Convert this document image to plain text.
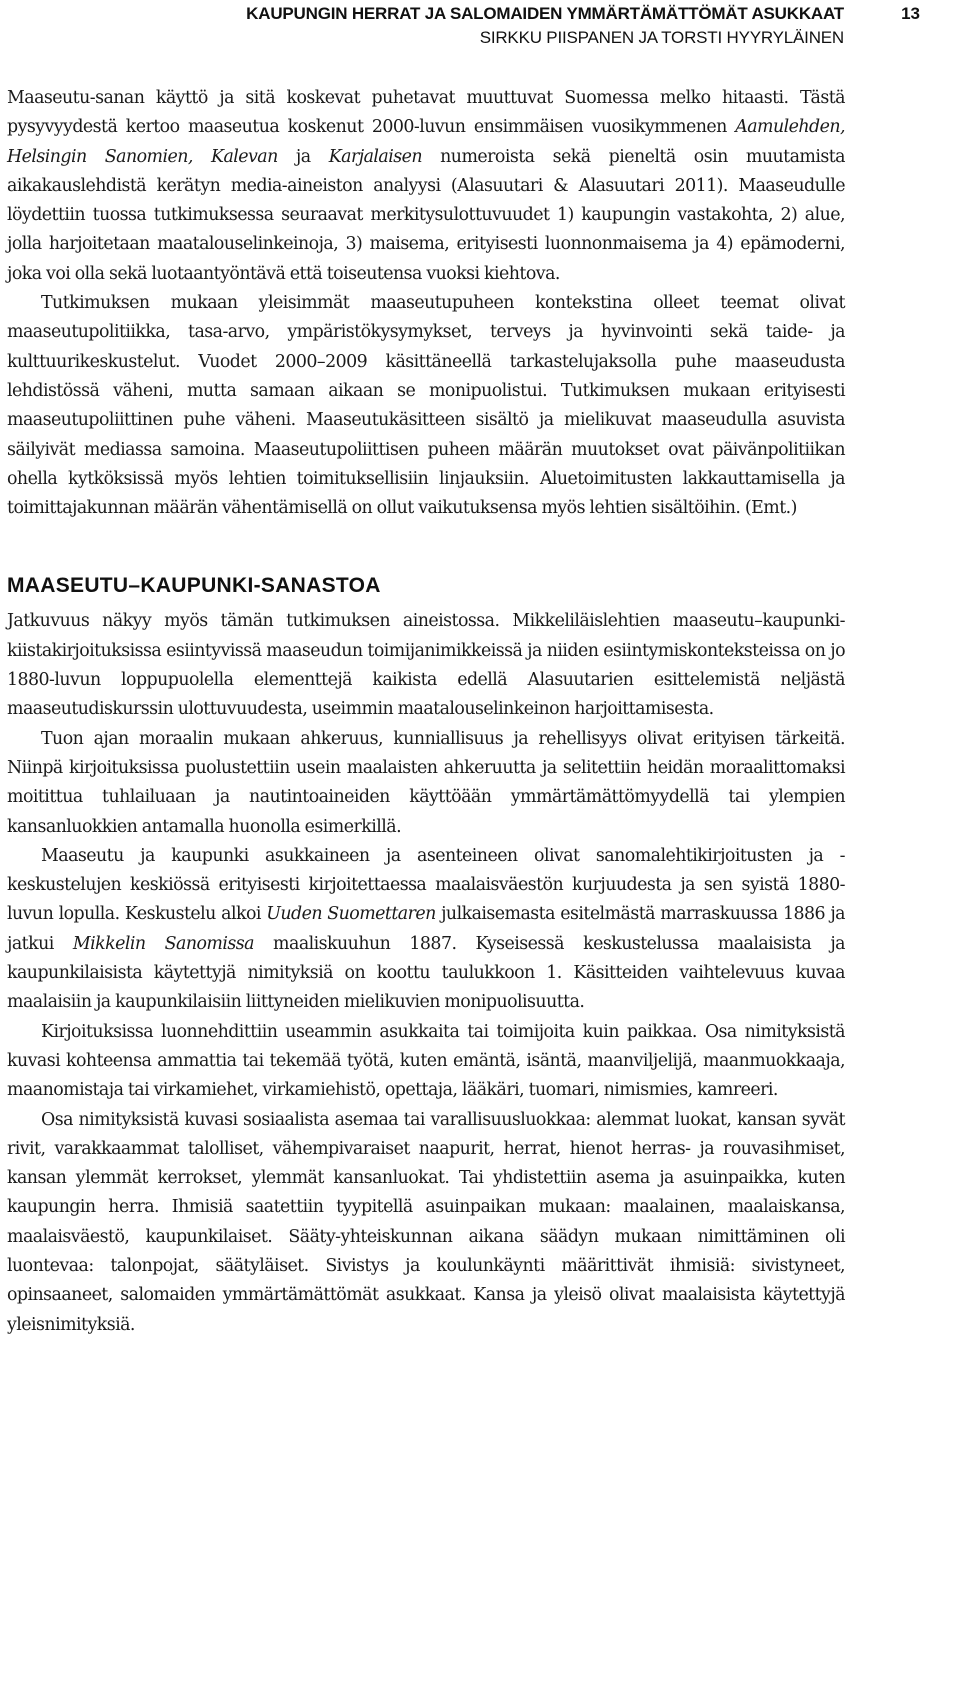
KAUPUNGIN HERRAT JA SALOMAIDEN YMMÄRTÄMÄTTÖMÄT ASUKKAAT
SIRKKU PIISPANEN JA TORSTI HYYRYLÄINEN
13

Maaseutu-sanan käyttö ja sitä koskevat puhetavat muuttuvat Suomessa melko hitaasti. Tästä pysyvyydestä kertoo maaseutua koskenut 2000-luvun ensimmäisen vuosikymmenen Aamulehden, Helsingin Sanomien, Kalevan ja Karjalaisen numeroista sekä pieneltä osin muutamista aikakauslehdistä kerätyn media-aineiston analyysi (Alasuutari & Alasuutari 2011). Maaseudulle löydettiin tuossa tutkimuksessa seuraavat merkitysulottuvuudet 1) kaupungin vastakohta, 2) alue, jolla harjoitetaan maatalouselinkeinoja, 3) maisema, erityisesti luonnonmaisema ja 4) epämoderni, joka voi olla sekä luotaantyöntävä että toiseutensa vuoksi kiehtova.

Tutkimuksen mukaan yleisimmät maaseutupuheen kontekstina olleet teemat olivat maaseutupolitiikka, tasa-arvo, ympäristökysymykset, terveys ja hyvinvointi sekä taide- ja kulttuurikeskustelut. Vuodet 2000–2009 käsittäneellä tarkastelujaksolla puhe maaseudusta lehdistössä väheni, mutta samaan aikaan se monipuolistui. Tutkimuksen mukaan erityisesti maaseutupoliittinen puhe väheni. Maaseutukäsitteen sisältö ja mielikuvat maaseudulla asuvista säilyivät mediassa samoina. Maaseutupoliittisen puheen määrän muutokset ovat päivänpolitiikan ohella kytköksissä myös lehtien toimituksellisiin linjauksiin. Aluetoimitusten lakkauttamisella ja toimittajakunnan määrän vähentämisellä on ollut vaikutuksensa myös lehtien sisältöihin. (Emt.)

MAASEUTU–KAUPUNKI-SANASTOA

Jatkuvuus näkyy myös tämän tutkimuksen aineistossa. Mikkeliläislehtien maaseutu–kaupunki-kiistakirjoituksissa esiintyvissä maaseudun toimijanimikkeissä ja niiden esiintymiskonteksteissa on jo 1880-luvun loppupuolella elementtejä kaikista edellä Alasuutarien esittelemistä neljästä maaseutudiskurssin ulottuvuudesta, useimmin maatalouselinkeinon harjoittamisesta.

Tuon ajan moraalin mukaan ahkeruus, kunniallisuus ja rehellisyys olivat erityisen tärkeitä. Niinpä kirjoituksissa puolustettiin usein maalaisten ahkeruutta ja selitettiin heidän moraalittomaksi moitittua tuhlailuaan ja nautintoaineiden käyttöään ymmärtämättömyydellä tai ylempien kansanluokkien antamalla huonolla esimerkillä.

Maaseutu ja kaupunki asukkaineen ja asenteineen olivat sanomalehtikirjoitusten ja -keskustelujen keskiössä erityisesti kirjoitettaessa maalaisväestön kurjuudesta ja sen syistä 1880-luvun lopulla. Keskustelu alkoi Uuden Suomettaren julkaisemasta esitelmästä marraskuussa 1886 ja jatkui Mikkelin Sanomissa maaliskuuhun 1887. Kyseisessä keskustelussa maalaisista ja kaupunkilaisista käytettyjä nimityksiä on koottu taulukkoon 1. Käsitteiden vaihtelevuus kuvaa maalaisiin ja kaupunkilaisiin liittyneiden mielikuvien monipuolisuutta.

Kirjoituksissa luonnehdittiin useammin asukkaita tai toimijoita kuin paikkaa. Osa nimityksistä kuvasi kohteensa ammattia tai tekemää työtä, kuten emäntä, isäntä, maanviljelijä, maanmuokkaaja, maanomistaja tai virkamiehet, virkamiehistö, opettaja, lääkäri, tuomari, nimismies, kamreeri.

Osa nimityksistä kuvasi sosiaalista asemaa tai varallisuusluokkaa: alemmat luokat, kansan syvät rivit, varakkaammat talolliset, vähempivaraiset naapurit, herrat, hienot herras- ja rouvasihmiset, kansan ylemmät kerrokset, ylemmät kansanluokat. Tai yhdistettiin asema ja asuinpaikka, kuten kaupungin herra. Ihmisiä saatettiin tyypitellä asuinpaikan mukaan: maalainen, maalaiskansa, maalaisväestö, kaupunkilaiset. Sääty-yhteiskunnan aikana säädyn mukaan nimittäminen oli luontevaa: talonpojat, säätyläiset. Sivistys ja koulunkäynti määrittivät ihmisiä: sivistyneet, opinsaaneet, salomaiden ymmärtämättömät asukkaat. Kansa ja yleisö olivat maalaisista käytettyjä yleisnimityksiä.
